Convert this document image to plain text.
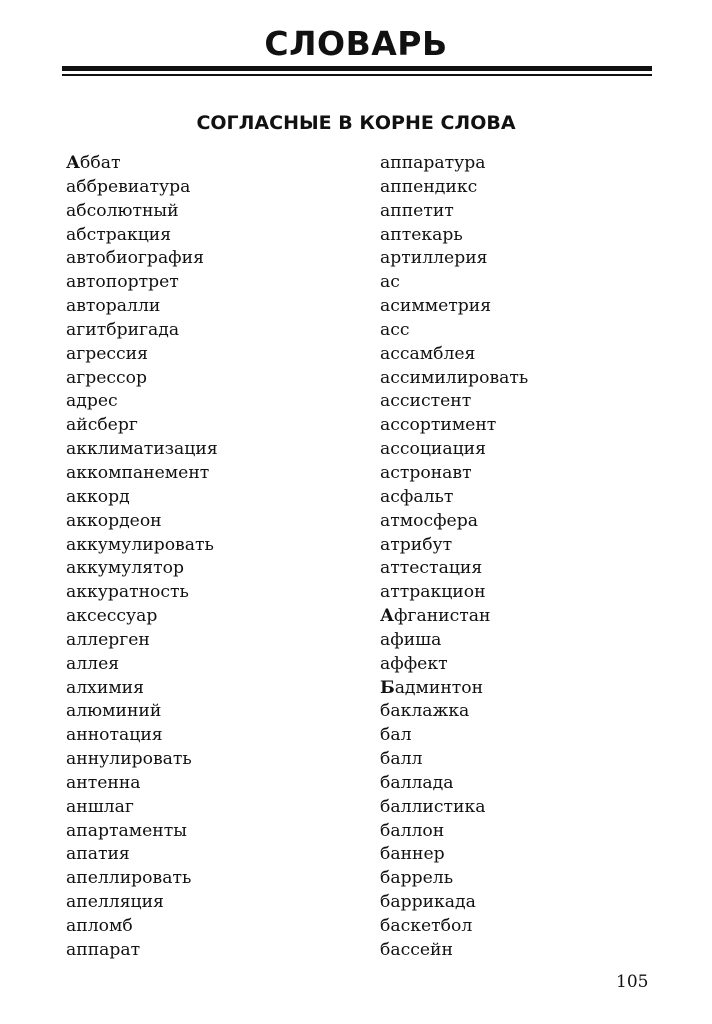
СЛОВАРЬ
СОГЛАСНЫЕ В КОРНЕ СЛОВА
Аббат
аббревиатура
абсолютный
абстракция
автобиография
автопортрет
авторалли
агитбригада
агрессия
агрессор
адрес
айсберг
акклиматизация
аккомпанемент
аккорд
аккордеон
аккумулировать
аккумулятор
аккуратность
аксессуар
аллерген
аллея
алхимия
алюминий
аннотация
аннулировать
антенна
аншлаг
апартаменты
апатия
апеллировать
апелляция
апломб
аппарат
аппаратура
аппендикс
аппетит
аптекарь
артиллерия
ас
асимметрия
асс
ассамблея
ассимилировать
ассистент
ассортимент
ассоциация
астронавт
асфальт
атмосфера
атрибут
аттестация
аттракцион
Афганистан
афиша
аффект
Бадминтон
баклажка
бал
балл
баллада
баллистика
баллон
баннер
баррель
баррикада
баскетбол
бассейн
105
